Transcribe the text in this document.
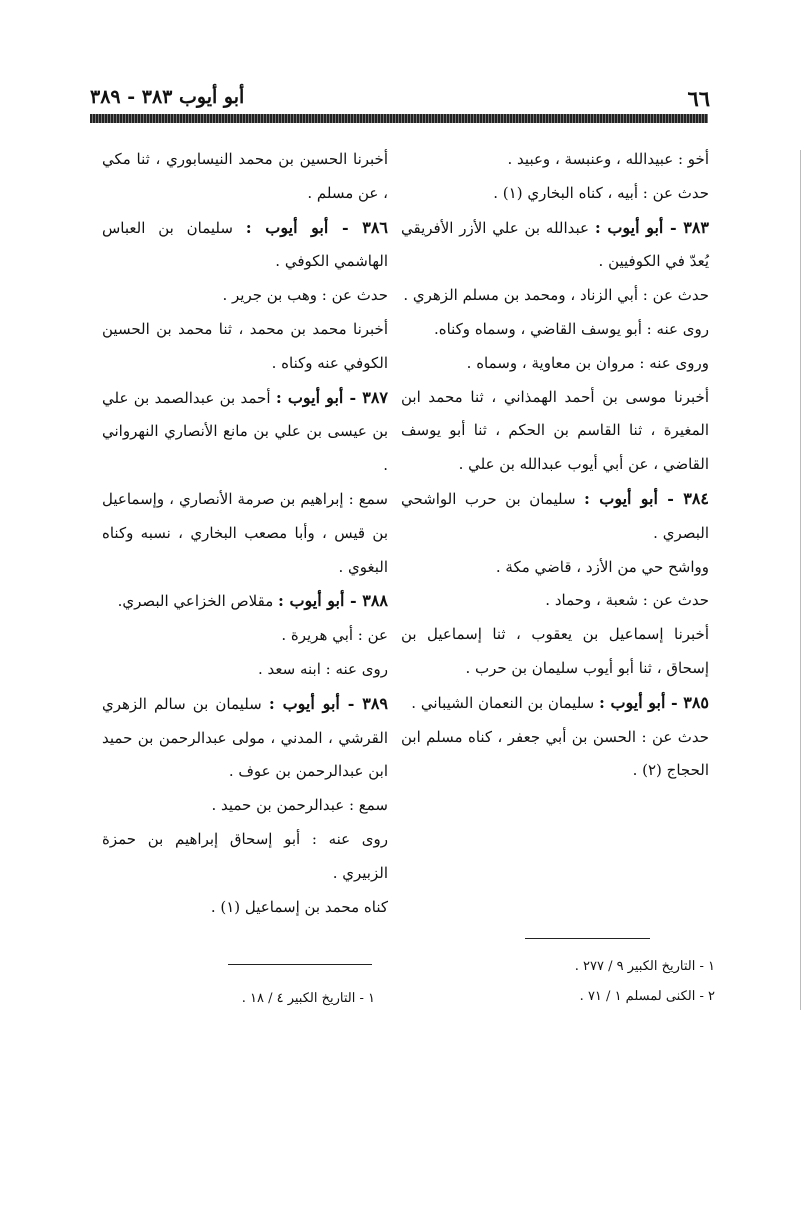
٦٦
أبو أيوب ٣٨٣ - ٣٨٩

أخو : عبيدالله ، وعنبسة ، وعبيد .

حدث عن : أبيه ، كناه البخاري (١) .

٣٨٣ - أبو أيوب : عبدالله بن علي الأزر الأفريقي يُعدّ في الكوفيين .

حدث عن : أبي الزناد ، ومحمد بن مسلم الزهري .

روى عنه : أبو يوسف القاضي ، وسماه وكناه.

وروى عنه : مروان بن معاوية ، وسماه .

أخبرنا موسى بن أحمد الهمذاني ، ثنا محمد ابن المغيرة ، ثنا القاسم بن الحكم ، ثنا أبو يوسف القاضي ، عن أبي أيوب عبدالله بن علي .

٣٨٤ - أبو أيوب : سليمان بن حرب الواشحي البصري .

وواشح حي من الأزد ، قاضي مكة .

حدث عن : شعبة ، وحماد .

أخبرنا إسماعيل بن يعقوب ، ثنا إسماعيل بن إسحاق ، ثنا أبو أيوب سليمان بن حرب .

٣٨٥ - أبو أيوب : سليمان بن النعمان الشيباني .

حدث عن : الحسن بن أبي جعفر ، كناه مسلم ابن الحجاج (٢) .

أخبرنا الحسين بن محمد النيسابوري ، ثنا مكي ، عن مسلم .

٣٨٦ - أبو أيوب : سليمان بن العباس الهاشمي الكوفي .

حدث عن : وهب بن جرير .

أخبرنا محمد بن محمد ، ثنا محمد بن الحسين الكوفي عنه وكناه .

٣٨٧ - أبو أيوب : أحمد بن عبدالصمد بن علي بن عيسى بن علي بن مانع الأنصاري النهرواني .

سمع : إبراهيم بن صرمة الأنصاري ، وإسماعيل بن قيس ، وأبا مصعب البخاري ، نسبه وكناه البغوي .

٣٨٨ - أبو أيوب : مقلاص الخزاعي البصري.

عن : أبي هريرة .

روى عنه : ابنه سعد .

٣٨٩ - أبو أيوب : سليمان بن سالم الزهري القرشي ، المدني ، مولى عبدالرحمن بن حميد ابن عبدالرحمن بن عوف .

سمع : عبدالرحمن بن حميد .

روى عنه : أبو إسحاق إبراهيم بن حمزة الزبيري .

كناه محمد بن إسماعيل (١) .

١ - التاريخ الكبير ٩ / ٢٧٧ .
٢ - الكنى لمسلم ١ / ٧١ .
١ - التاريخ الكبير ٤ / ١٨ .
